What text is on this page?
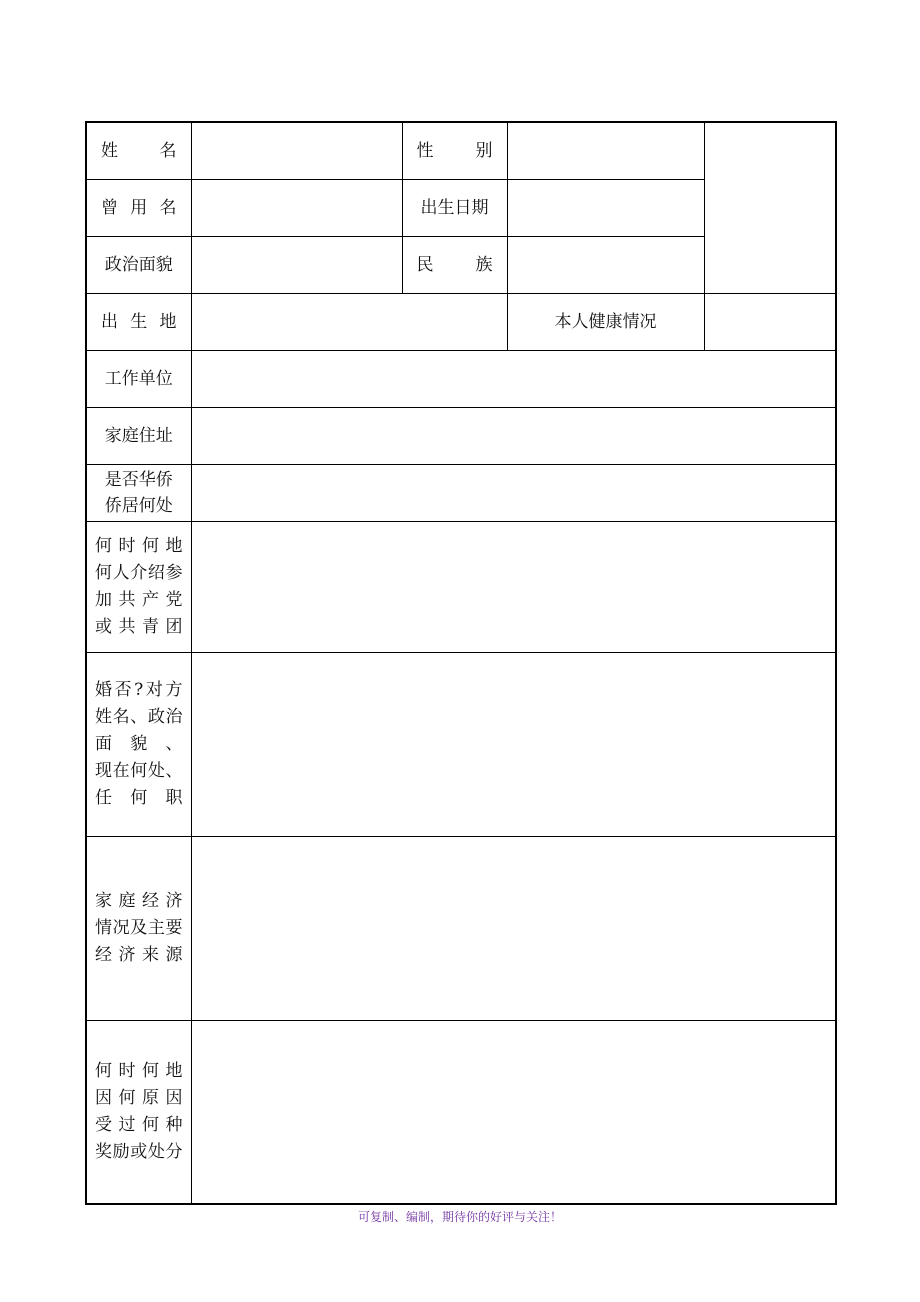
姓　名		性　别		
曾 用 名		出生日期		
政治面貌		民　族		
出 生 地			本人健康情况	
工作单位				
家庭住址				

是否华侨
侨居何处				

何时何地
何人介绍参
加共产党
或共青团				

婚否?对方
姓名、政治
面　貌　、
现在何处、
任　何　职				

家庭经济
情况及主要
经济来源				

何时何地
因何原因
受过何种
奖励或处分				

可复制、编制，期待你的好评与关注！
